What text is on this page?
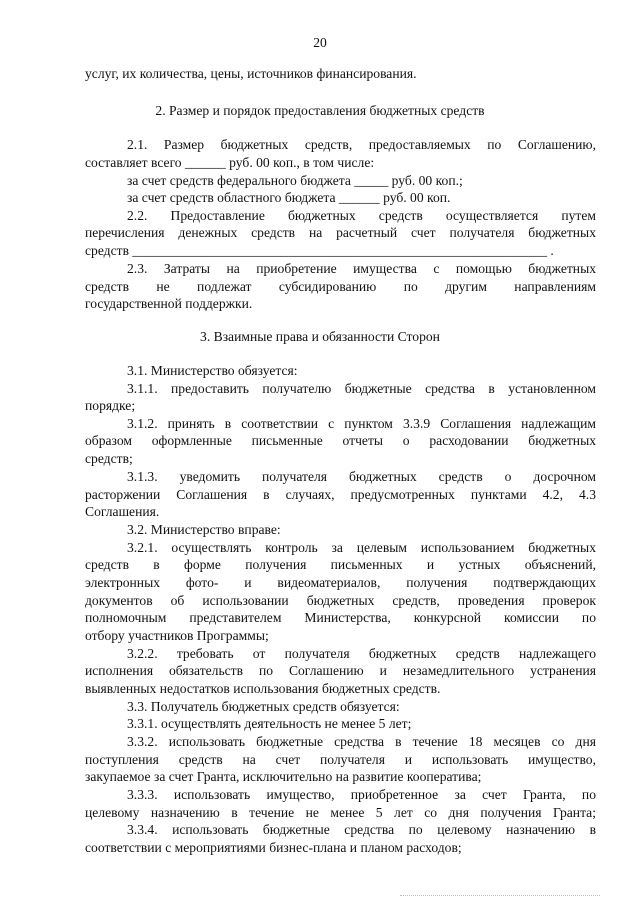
20
услуг, их количества, цены, источников финансирования.
2. Размер и порядок предоставления бюджетных средств
2.1. Размер бюджетных средств, предоставляемых по Соглашению,
составляет всего ______ руб. 00 коп., в том числе:
за счет средств федерального бюджета _____ руб. 00 коп.;
за счет средств областного бюджета ______ руб. 00 коп.
2.2. Предоставление бюджетных средств осуществляется путем
перечисления денежных средств на расчетный счет получателя бюджетных
средств _____________________________________________________________ .
2.3. Затраты на приобретение имущества с помощью бюджетных
средств не подлежат субсидированию по другим направлениям
государственной поддержки.
3. Взаимные права и обязанности Сторон
3.1. Министерство обязуется:
3.1.1. предоставить получателю бюджетные средства в установленном
порядке;
3.1.2. принять в соответствии с пунктом 3.3.9 Соглашения надлежащим
образом оформленные письменные отчеты о расходовании бюджетных
средств;
3.1.3. уведомить получателя бюджетных средств о досрочном
расторжении Соглашения в случаях, предусмотренных пунктами 4.2, 4.3
Соглашения.
3.2. Министерство вправе:
3.2.1. осуществлять контроль за целевым использованием бюджетных
средств в форме получения письменных и устных объяснений,
электронных фото- и видеоматериалов, получения подтверждающих
документов об использовании бюджетных средств, проведения проверок
полномочным представителем Министерства, конкурсной комиссии по
отбору участников Программы;
3.2.2. требовать от получателя бюджетных средств надлежащего
исполнения обязательств по Соглашению и незамедлительного устранения
выявленных недостатков использования бюджетных средств.
3.3. Получатель бюджетных средств обязуется:
3.3.1. осуществлять деятельность не менее 5 лет;
3.3.2. использовать бюджетные средства в течение 18 месяцев со дня
поступления средств на счет получателя и использовать имущество,
закупаемое за счет Гранта, исключительно на развитие кооператива;
3.3.3. использовать имущество, приобретенное за счет Гранта, по
целевому назначению в течение не менее 5 лет со дня получения Гранта;
3.3.4. использовать бюджетные средства по целевому назначению в
соответствии с мероприятиями бизнес-плана и планом расходов;
